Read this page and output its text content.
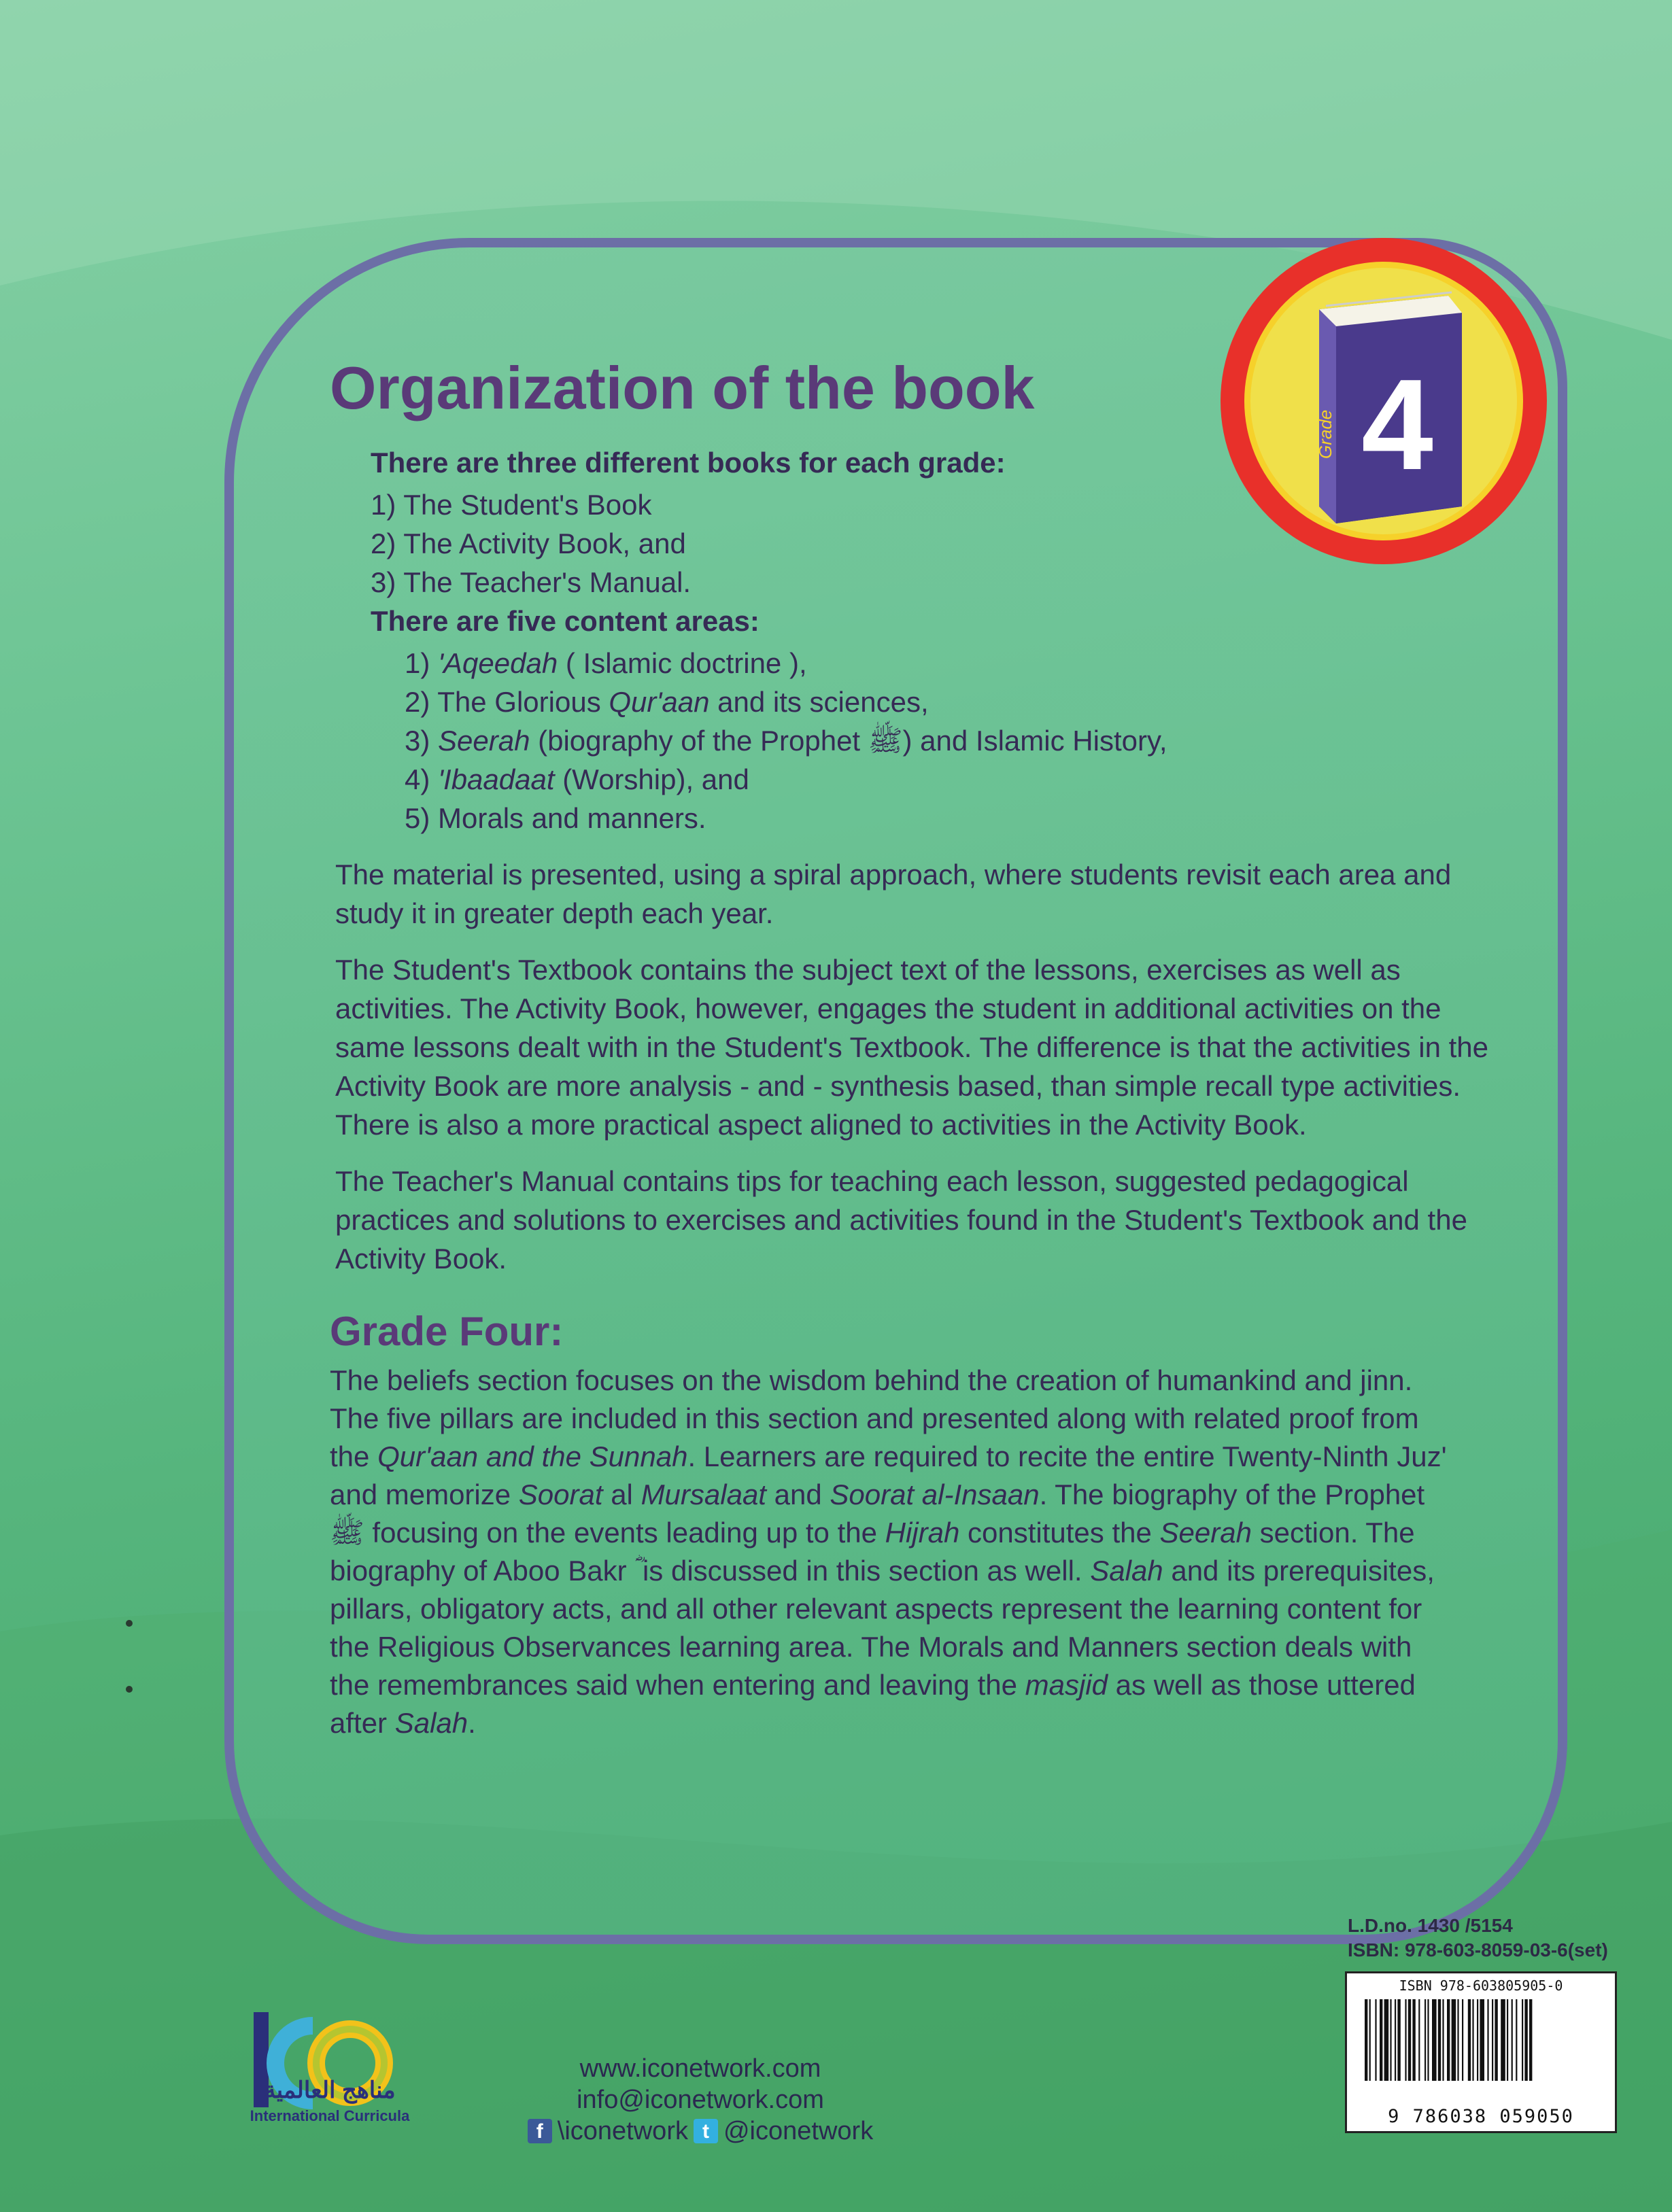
Grade 4
Organization of the book
There are three different books for each grade:
1) The Student's Book
2) The Activity Book, and
3) The Teacher's Manual.
There are five content areas:
1) 'Aqeedah ( Islamic doctrine ),
2) The Glorious Qur'aan and its sciences,
3) Seerah (biography of the Prophet ﷺ) and Islamic History,
4) 'Ibaadaat (Worship), and
5) Morals and manners.

The material is presented, using a spiral approach, where students revisit each area and study it in greater depth each year.

The Student's Textbook contains the subject text of the lessons, exercises as well as activities. The Activity Book, however, engages the student in additional activities on the same lessons dealt with in the Student's Textbook. The difference is that the activities in the Activity Book are more analysis - and - synthesis based, than simple recall type activities. There is also a more practical aspect aligned to activities in the Activity Book.

The Teacher's Manual contains tips for teaching each lesson, suggested pedagogical practices and solutions to exercises and activities found in the Student's Textbook and the Activity Book.

Grade Four:

The beliefs section focuses on the wisdom behind the creation of humankind and jinn. The five pillars are included in this section and presented along with related proof from the Qur'aan and the Sunnah. Learners are required to recite the entire Twenty-Ninth Juz' and memorize Soorat al Mursalaat and Soorat al-Insaan. The biography of the Prophet ﷺ focusing on the events leading up to the Hijrah constitutes the Seerah section. The biography of Aboo Bakr ؓ is discussed in this section as well. Salah and its prerequisites, pillars, obligatory acts, and all other relevant aspects represent the learning content for the Religious Observances learning area. The Morals and Manners section deals with the remembrances said when entering and leaving the masjid as well as those uttered after Salah.

L.D.no. 1430 /5154
ISBN: 978-603-8059-03-6(set)
ISBN 978-603805905-0
9 786038 059050
مناهج العالمية
International Curricula
www.iconetwork.com
info@iconetwork.com
f \iconetwork t @iconetwork
